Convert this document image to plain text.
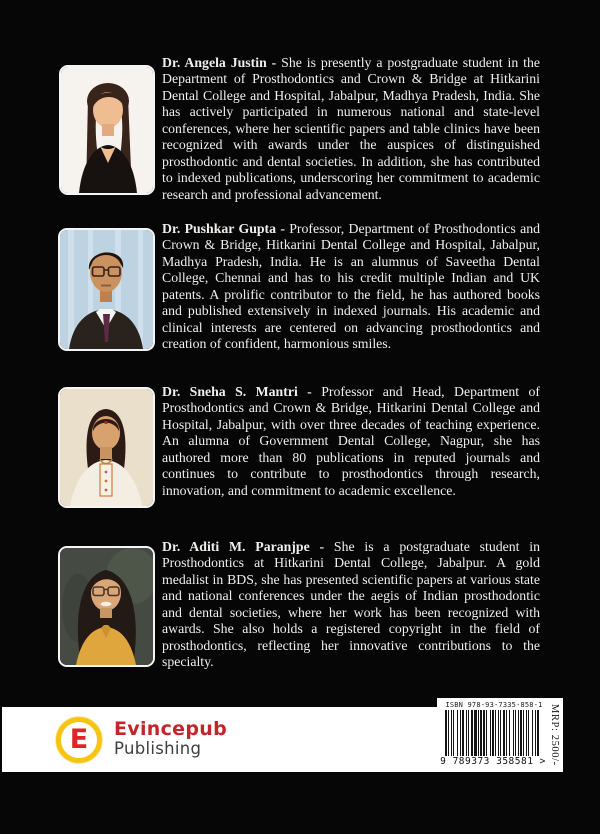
Dr. Angela Justin - She is presently a postgraduate student in the Department of Prosthodontics and Crown & Bridge at Hitkarini Dental College and Hospital, Jabalpur, Madhya Pradesh, India. She has actively participated in numerous national and state-level conferences, where her scientific papers and table clinics have been recognized with awards under the auspices of distinguished prosthodontic and dental societies. In addition, she has contributed to indexed publications, underscoring her commitment to academic research and professional advancement.

Dr. Pushkar Gupta - Professor, Department of Prosthodontics and Crown & Bridge, Hitkarini Dental College and Hospital, Jabalpur, Madhya Pradesh, India. He is an alumnus of Saveetha Dental College, Chennai and has to his credit multiple Indian and UK patents. A prolific contributor to the field, he has authored books and published extensively in indexed journals. His academic and clinical interests are centered on advancing prosthodontics and creation of confident, harmonious smiles.

Dr. Sneha S. Mantri - Professor and Head, Department of Prosthodontics and Crown & Bridge, Hitkarini Dental College and Hospital, Jabalpur, with over three decades of teaching experience. An alumna of Government Dental College, Nagpur, she has authored more than 80 publications in reputed journals and continues to contribute to prosthodontics through research, innovation, and commitment to academic excellence.

Dr. Aditi M. Paranjpe - She is a postgraduate student in Prosthodontics at Hitkarini Dental College, Jabalpur. A gold medalist in BDS, she has presented scientific papers at various state and national conferences under the aegis of Indian prosthodontic and dental societies, where her work has been recognized with awards. She also holds a registered copyright in the field of prosthodontics, reflecting her innovative contributions to the specialty.

E	Evincepub
Publishing
ISBN 978-93-7335-858-1
9 789373 358581 > MRP: 2500/-
